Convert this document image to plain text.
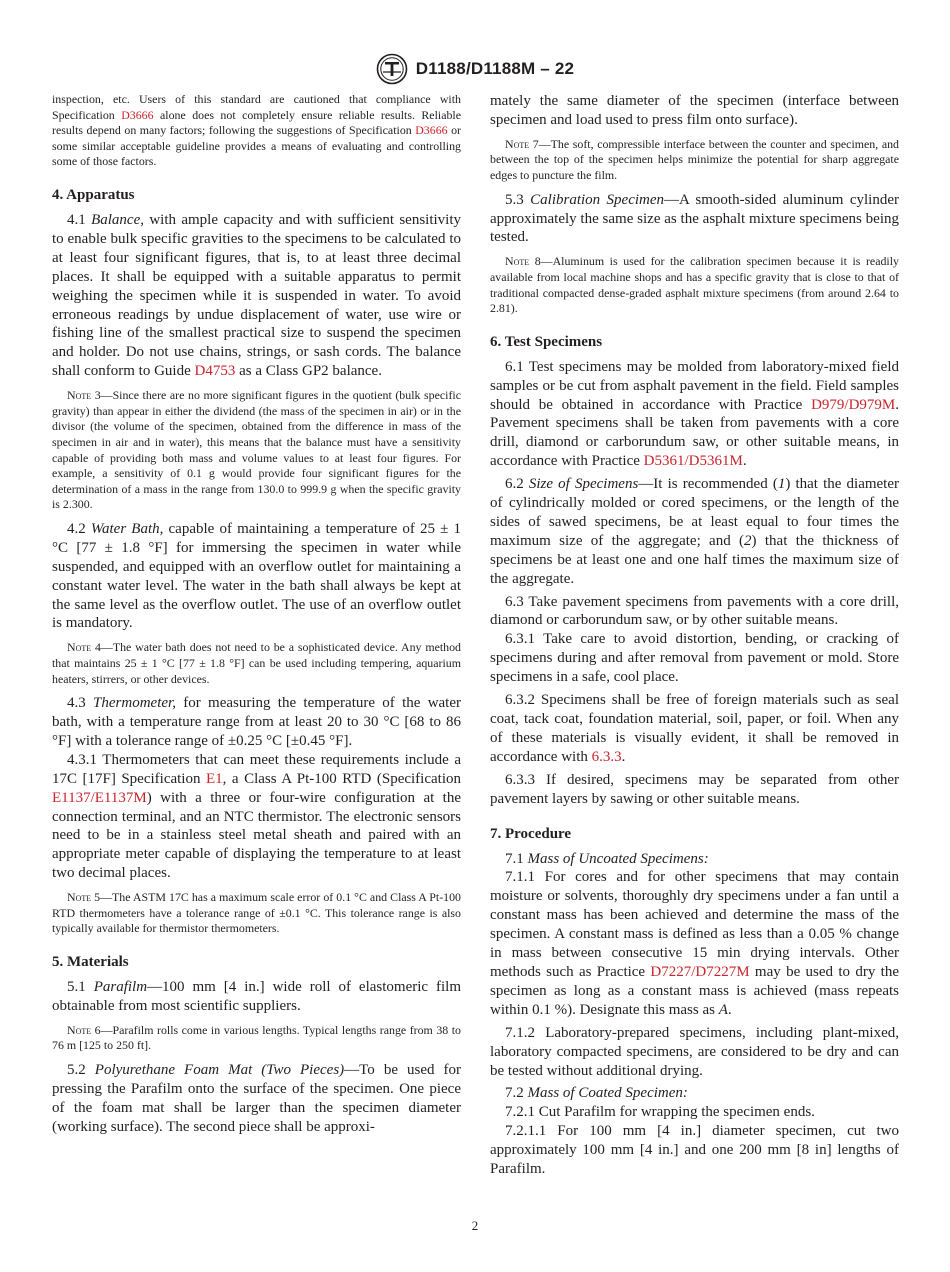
D1188/D1188M – 22

inspection, etc. Users of this standard are cautioned that compliance with Specification D3666 alone does not completely ensure reliable results. Reliable results depend on many factors; following the suggestions of Specification D3666 or some similar acceptable guideline provides a means of evaluating and controlling some of those factors.

4. Apparatus

4.1 Balance, with ample capacity and with sufficient sensitivity to enable bulk specific gravities to the specimens to be calculated to at least four significant figures, that is, to at least three decimal places. It shall be equipped with a suitable apparatus to permit weighing the specimen while it is suspended in water. To avoid erroneous readings by undue displacement of water, use wire or fishing line of the smallest practical size to suspend the specimen and holder. Do not use chains, strings, or sash cords. The balance shall conform to Guide D4753 as a Class GP2 balance.

Note 3—Since there are no more significant figures in the quotient (bulk specific gravity) than appear in either the dividend (the mass of the specimen in air) or in the divisor (the volume of the specimen, obtained from the difference in mass of the specimen in air and in water), this means that the balance must have a sensitivity capable of providing both mass and volume values to at least four figures. For example, a sensitivity of 0.1 g would provide four significant figures for the determination of a mass in the range from 130.0 to 999.9 g when the specific gravity is 2.300.

4.2 Water Bath, capable of maintaining a temperature of 25 ± 1 °C [77 ± 1.8 °F] for immersing the specimen in water while suspended, and equipped with an overflow outlet for maintaining a constant water level. The water in the bath shall always be kept at the same level as the overflow outlet. The use of an overflow outlet is mandatory.

Note 4—The water bath does not need to be a sophisticated device. Any method that maintains 25 ± 1 °C [77 ± 1.8 °F] can be used including tempering, aquarium heaters, stirrers, or other devices.

4.3 Thermometer, for measuring the temperature of the water bath, with a temperature range from at least 20 to 30 °C [68 to 86 °F] with a tolerance range of ±0.25 °C [±0.45 °F].

4.3.1 Thermometers that can meet these requirements include a 17C [17F] Specification E1, a Class A Pt-100 RTD (Specification E1137/E1137M) with a three or four-wire configuration at the connection terminal, and an NTC thermistor. The electronic sensors need to be in a stainless steel metal sheath and paired with an appropriate meter capable of displaying the temperature to at least two decimal places.

Note 5—The ASTM 17C has a maximum scale error of 0.1 °C and Class A Pt-100 RTD thermometers have a tolerance range of ±0.1 °C. This tolerance range is also typically available for thermistor thermometers.

5. Materials

5.1 Parafilm—100 mm [4 in.] wide roll of elastomeric film obtainable from most scientific suppliers.

Note 6—Parafilm rolls come in various lengths. Typical lengths range from 38 to 76 m [125 to 250 ft].

5.2 Polyurethane Foam Mat (Two Pieces)—To be used for pressing the Parafilm onto the surface of the specimen. One piece of the foam mat shall be larger than the specimen diameter (working surface). The second piece shall be approxi-

mately the same diameter of the specimen (interface between specimen and load used to press film onto surface).

Note 7—The soft, compressible interface between the counter and specimen, and between the top of the specimen helps minimize the potential for sharp aggregate edges to puncture the film.

5.3 Calibration Specimen—A smooth-sided aluminum cylinder approximately the same size as the asphalt mixture specimens being tested.

Note 8—Aluminum is used for the calibration specimen because it is readily available from local machine shops and has a specific gravity that is close to that of traditional compacted dense-graded asphalt mixture specimens (from around 2.64 to 2.81).

6. Test Specimens

6.1 Test specimens may be molded from laboratory-mixed field samples or be cut from asphalt pavement in the field. Field samples should be obtained in accordance with Practice D979/D979M. Pavement specimens shall be taken from pavements with a core drill, diamond or carborundum saw, or other suitable means, in accordance with Practice D5361/D5361M.

6.2 Size of Specimens—It is recommended (1) that the diameter of cylindrically molded or cored specimens, or the length of the sides of sawed specimens, be at least equal to four times the maximum size of the aggregate; and (2) that the thickness of specimens be at least one and one half times the maximum size of the aggregate.

6.3 Take pavement specimens from pavements with a core drill, diamond or carborundum saw, or by other suitable means.

6.3.1 Take care to avoid distortion, bending, or cracking of specimens during and after removal from pavement or mold. Store specimens in a safe, cool place.

6.3.2 Specimens shall be free of foreign materials such as seal coat, tack coat, foundation material, soil, paper, or foil. When any of these materials is visually evident, it shall be removed in accordance with 6.3.3.

6.3.3 If desired, specimens may be separated from other pavement layers by sawing or other suitable means.

7. Procedure

7.1 Mass of Uncoated Specimens:

7.1.1 For cores and for other specimens that may contain moisture or solvents, thoroughly dry specimens under a fan until a constant mass has been achieved and determine the mass of the specimen. A constant mass is defined as less than a 0.05 % change in mass between consecutive 15 min drying intervals. Other methods such as Practice D7227/D7227M may be used to dry the specimen as long as a constant mass is achieved (mass repeats within 0.1 %). Designate this mass as A.

7.1.2 Laboratory-prepared specimens, including plant-mixed, laboratory compacted specimens, are considered to be dry and can be tested without additional drying.

7.2 Mass of Coated Specimen:

7.2.1 Cut Parafilm for wrapping the specimen ends.

7.2.1.1 For 100 mm [4 in.] diameter specimen, cut two approximately 100 mm [4 in.] and one 200 mm [8 in] lengths of Parafilm.

2
